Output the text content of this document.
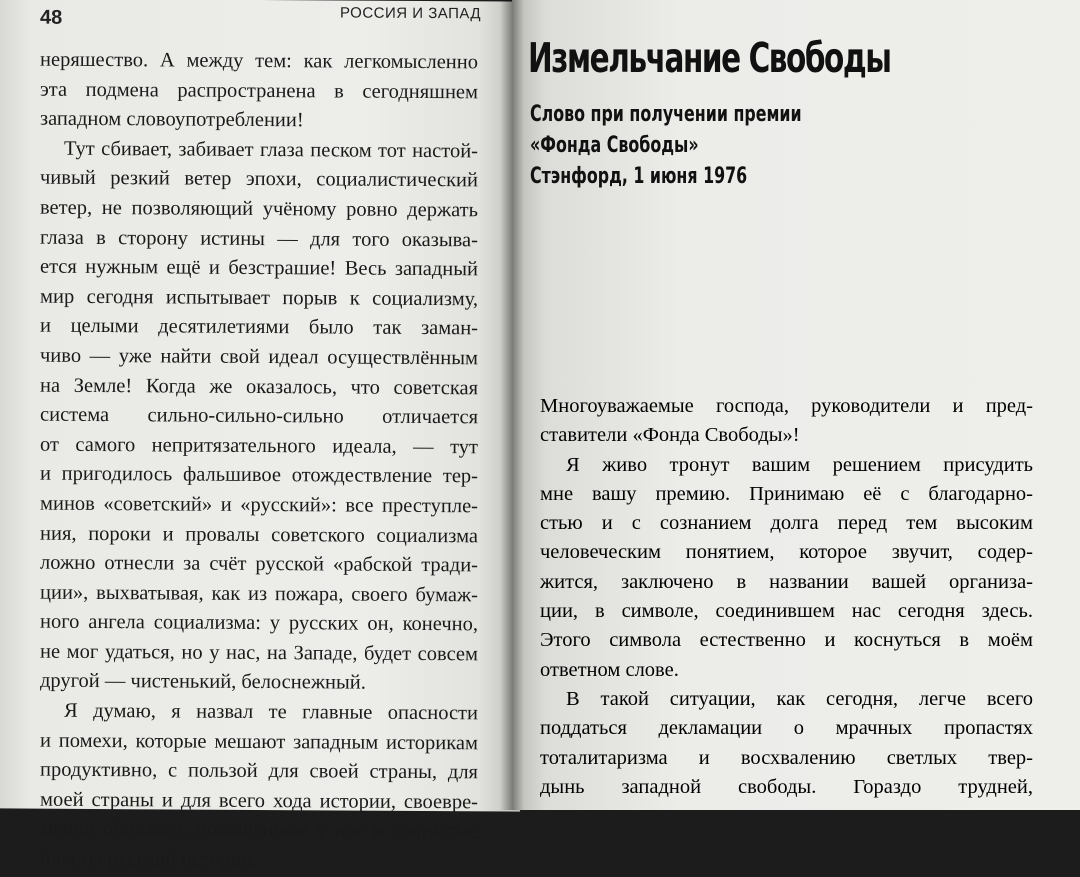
48	РОССИЯ И ЗАПАД
неряшество. А между тем: как легкомысленно
эта подмена распространена в сегодняшнем
западном словоупотреблении!
Тут сбивает, забивает глаза песком тот настой-
чивый резкий ветер эпохи, социалистический
ветер, не позволяющий учёному ровно держать
глаза в сторону истины — для того оказыва-
ется нужным ещё и безстрашие! Весь западный
мир сегодня испытывает порыв к социализму,
и целыми десятилетиями было так заман-
чиво — уже найти свой идеал осуществлённым
на Земле! Когда же оказалось, что советская
система сильно-сильно-сильно отличается
от самого непритязательного идеала, — тут
и пригодилось фальшивое отождествление тер-
минов «советский» и «русский»: все преступле-
ния, пороки и провалы советского социализма
ложно отнесли за счёт русской «рабской тради-
ции», выхватывая, как из пожара, своего бумаж-
ного ангела социализма: у русских он, конечно,
не мог удаться, но у нас, на Западе, будет совсем
другой — чистенький, белоснежный.
Я думаю, я назвал те главные опасности
и помехи, которые мешают западным историкам
продуктивно, с пользой для своей страны, для
моей страны и для всего хода истории, своевре-
менно обнажить похищенные у нас и сокрытые
пласты русской истории.
Измельчание Свободы
Слово при получении премии
«Фонда Свободы»
Стэнфорд, 1 июня 1976
Многоуважаемые господа, руководители и пред-
ставители «Фонда Свободы»!
Я живо тронут вашим решением присудить
мне вашу премию. Принимаю её с благодарно-
стью и с сознанием долга перед тем высоким
человеческим понятием, которое звучит, содер-
жится, заключено в названии вашей организа-
ции, в символе, соединившем нас сегодня здесь.
Этого символа естественно и коснуться в моём
ответном слове.
В такой ситуации, как сегодня, легче всего
поддаться декламации о мрачных пропастях
тоталитаризма и восхвалению светлых твер-
дынь западной свободы. Гораздо трудней,
